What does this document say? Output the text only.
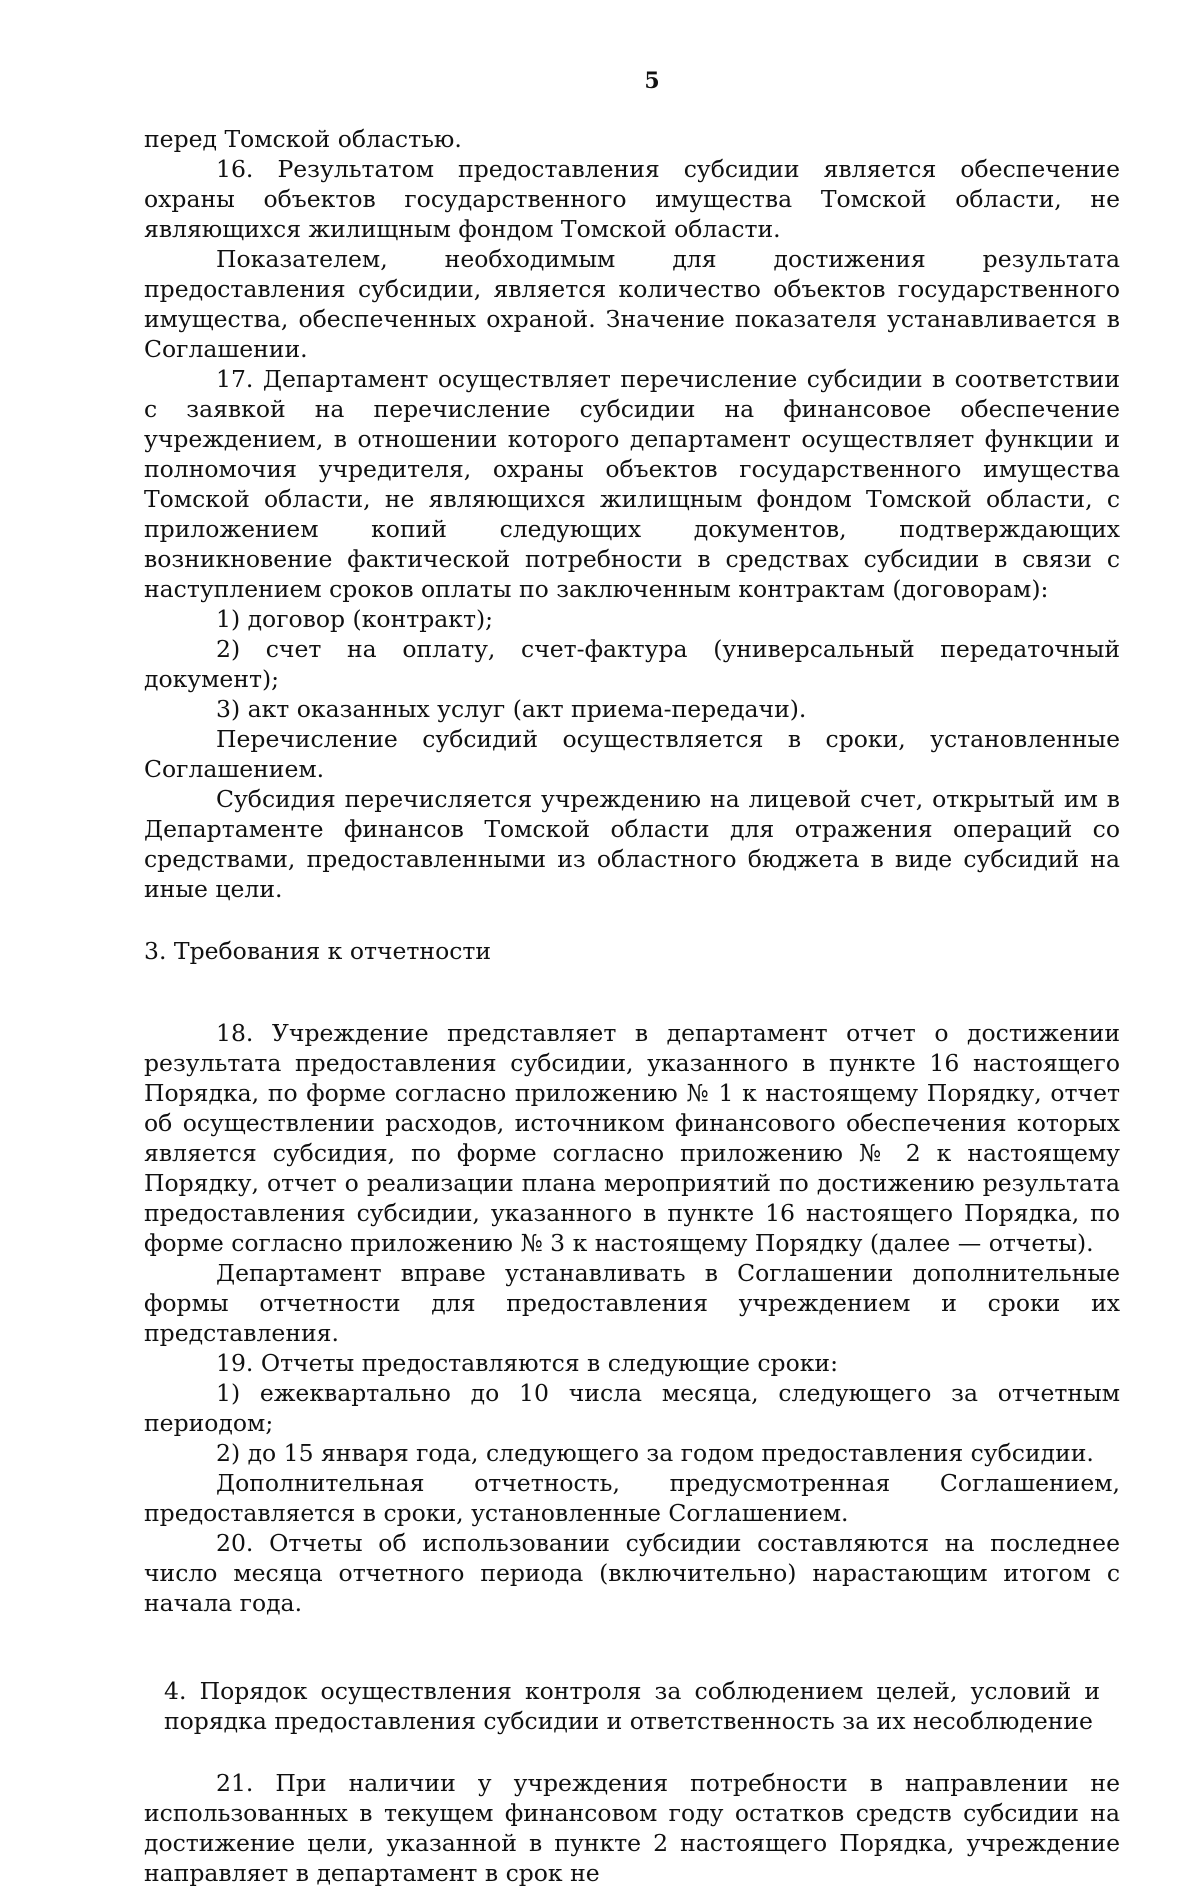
5

перед Томской областью.

16. Результатом предоставления субсидии является обеспечение охраны объектов государственного имущества Томской области, не являющихся жилищным фондом Томской области.

Показателем, необходимым для достижения результата предоставления субсидии, является количество объектов государственного имущества, обеспеченных охраной. Значение показателя устанавливается в Соглашении.

17. Департамент осуществляет перечисление субсидии в соответствии с заявкой на перечисление субсидии на финансовое обеспечение учреждением, в отношении которого департамент осуществляет функции и полномочия учредителя, охраны объектов государственного имущества Томской области, не являющихся жилищным фондом Томской области, с приложением копий следующих документов, подтверждающих возникновение фактической потребности в средствах субсидии в связи с наступлением сроков оплаты по заключенным контрактам (договорам):

1) договор (контракт);

2) счет на оплату, счет-фактура (универсальный передаточный документ);

3) акт оказанных услуг (акт приема-передачи).

Перечисление субсидий осуществляется в сроки, установленные Соглашением.

Субсидия перечисляется учреждению на лицевой счет, открытый им в Департаменте финансов Томской области для отражения операций со средствами, предоставленными из областного бюджета в виде субсидий на иные цели.

3. Требования к отчетности

18. Учреждение представляет в департамент отчет о достижении результата предоставления субсидии, указанного в пункте 16 настоящего Порядка, по форме согласно приложению № 1 к настоящему Порядку, отчет об осуществлении расходов, источником финансового обеспечения которых является субсидия, по форме согласно приложению № 2 к настоящему Порядку, отчет о реализации плана мероприятий по достижению результата предоставления субсидии, указанного в пункте 16 настоящего Порядка, по форме согласно приложению № 3 к настоящему Порядку (далее — отчеты).

Департамент вправе устанавливать в Соглашении дополнительные формы отчетности для предоставления учреждением и сроки их представления.

19. Отчеты предоставляются в следующие сроки:

1) ежеквартально до 10 числа месяца, следующего за отчетным периодом;

2) до 15 января года, следующего за годом предоставления субсидии.

Дополнительная отчетность, предусмотренная Соглашением, предоставляется в сроки, установленные Соглашением.

20. Отчеты об использовании субсидии составляются на последнее число месяца отчетного периода (включительно) нарастающим итогом с начала года.

4. Порядок осуществления контроля за соблюдением целей, условий и порядка предоставления субсидии и ответственность за их несоблюдение

21. При наличии у учреждения потребности в направлении не использованных в текущем финансовом году остатков средств субсидии на достижение цели, указанной в пункте 2 настоящего Порядка, учреждение направляет в департамент в срок не
